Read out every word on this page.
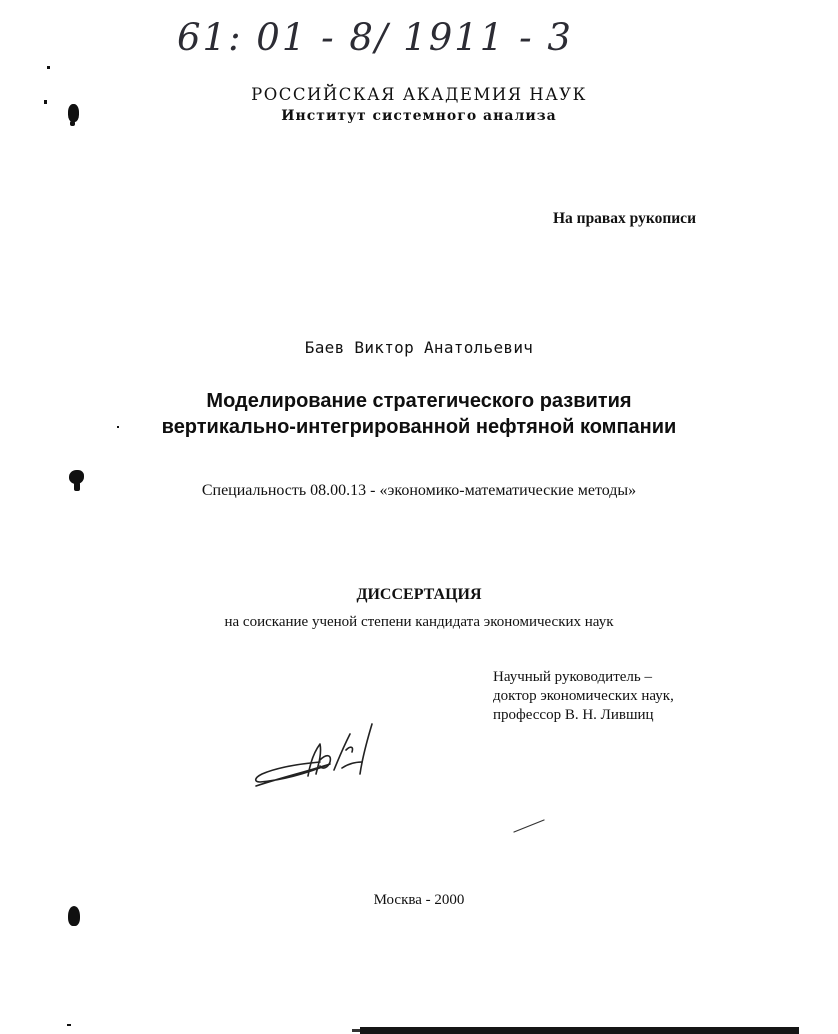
61: 01 - 8/ 1911 - 3
РОССИЙСКАЯ АКАДЕМИЯ НАУК
Институт системного анализа
На правах рукописи
Баев Виктор Анатольевич
Моделирование стратегического развития
вертикально-интегрированной нефтяной компании
Специальность 08.00.13 - «экономико-математические методы»
ДИССЕРТАЦИЯ
на соискание ученой степени кандидата экономических наук
Научный руководитель –
доктор экономических наук,
профессор В. Н. Лившиц
Москва - 2000
